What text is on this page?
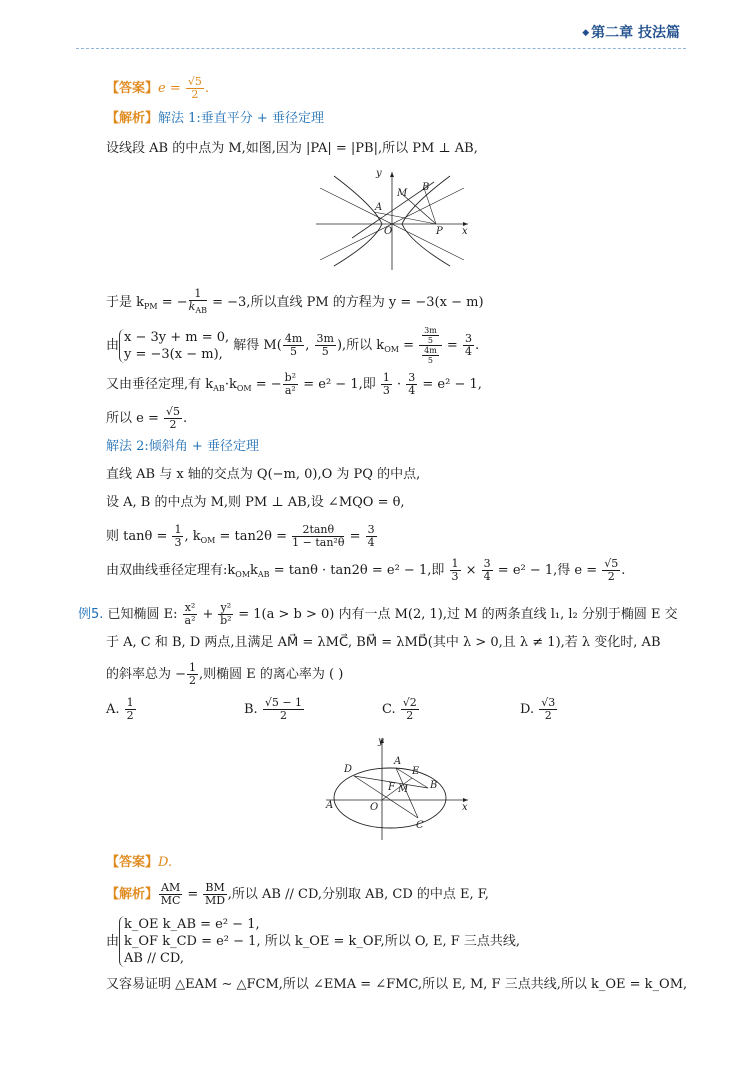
◆ 第二章 技法篇
【答案】$e = \frac{√5}{2}$ .
【解析】解法 1:垂直平分 + 垂径定理
设线段 AB 的中点为 M,如图,因为 |PA| = |PB|,所以 PM ⊥ AB,
y
x
M
B
A
O	P
于是 $k_{PM}$ = − $\frac{1}{k_{AB}} = -3$,所以直线 PM 的方程为 y = −3(x − m)
由
x − 3y + m = 0,
y = −3(x − m),
解得 $M( \frac{4m}{5}$ , $\frac{3m}{5}$ ),所以 $k_{OM} = \frac{\frac{3m}{5}}{\frac{4m}{5}} = \frac{3}{4}$ .
又由垂径定理,有 $k_{AB}\cdot k_{OM}$ = − $\frac{\text{b²}}{\text{a²}} = e^2 - 1$,即 $\frac{1}{3} \cdot \frac{3}{4} = e^2 - 1$,
所以 $e = \frac{√5}{2}$ .
解法 2:倾斜角 + 垂径定理
直线 AB 与 x 轴的交点为 Q(−m, 0),O 为 PQ 的中点,
设 A, B 的中点为 M,则 PM ⊥ AB,设 ∠MQO = θ,
则 $\tan\theta = \frac{1}{3}$ , $k_{OM} = \tan 2\theta = \frac{2\tan\theta}{\text{1 − tan²θ}} = \frac{3}{4}$
由双曲线垂径定理有$:k_{OM}k_{AB} = \tan\theta \cdot \tan 2\theta = e^2 - 1$,即 $\frac{1}{3} \times \frac{3}{4} = e^2 - 1$,得 $e = \frac{√5}{2}$ .
例5. 已知椭圆 E: $\frac{\text{x²}}{\text{a²}} + \frac{\text{y²}}{\text{b²}} = 1(a > b > 0)$ 内有一点 M(2, 1),过 M 的两条直线 l₁, l₂ 分别于椭圆 E 交
于 A, C 和 B, D 两点,且满足 AM⃗ = λMC⃗, BM⃗ = λMD⃗(其中 λ > 0,且 λ ≠ 1),若 λ 变化时, AB
的斜率总为 − $\frac{1}{2}$ ,则椭圆 E 的离心率为 ( )
A. $\frac{1}{2}$	B. $\frac{√5 - 1}{2}$	C. $\frac{√2}{2}$	D. $\frac{√3}{2}$
y
x
A
E
D
F M B
A	O
C
【答案】D.
【解析】 $\frac{AM}{MC} = \frac{BM}{MD}$ ,所以 AB // CD,分别取 AB, CD 的中点 E, F,
由
k_OE k_AB = e² − 1,
k_OF k_CD = e² − 1,
AB // CD,
所以 k_OE = k_OF,所以 O, E, F 三点共线,
又容易证明 △EAM ∼ △FCM,所以 ∠EMA = ∠FMC,所以 E, M, F 三点共线,所以 k_OE = k_OM,
